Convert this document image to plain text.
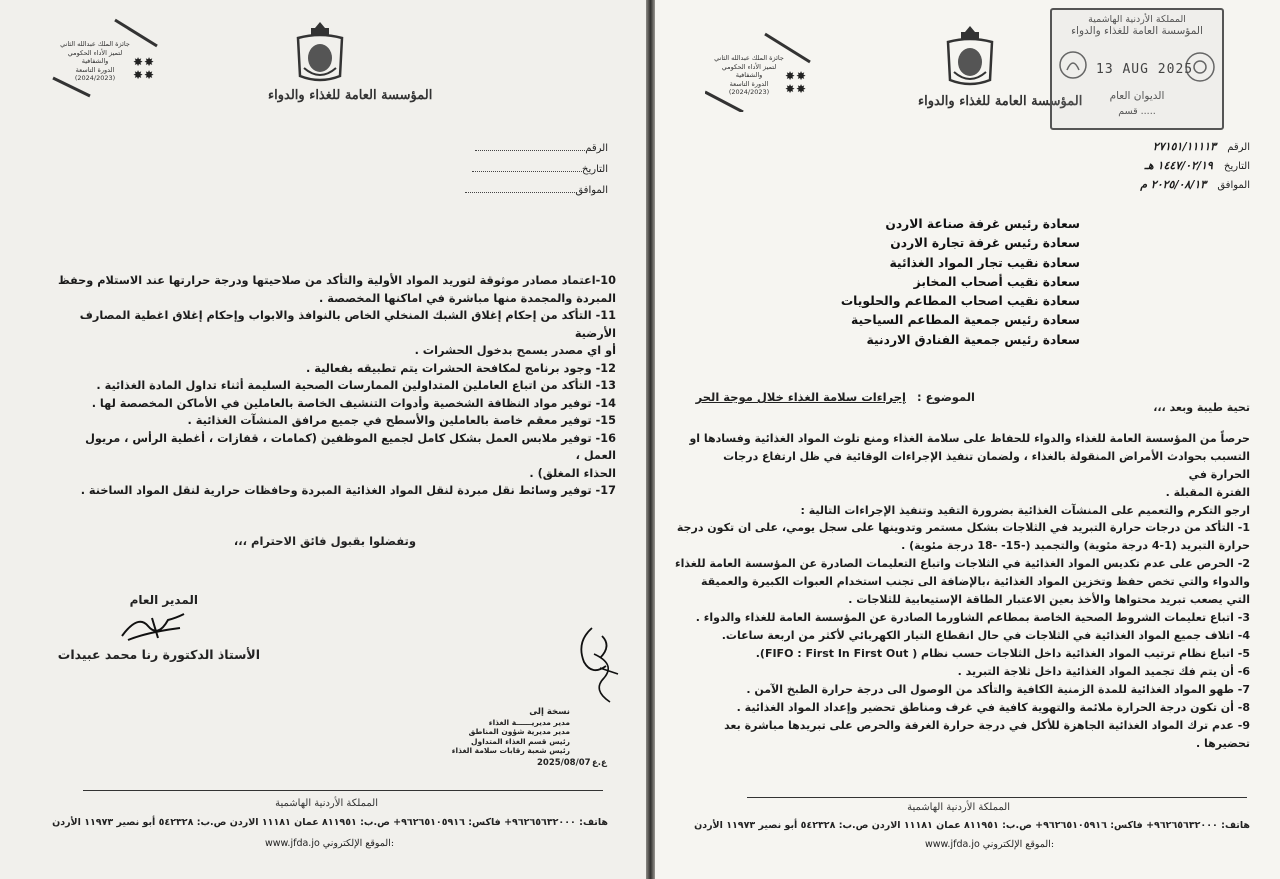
جائزة الملك عبدالله الثاني
لتميز الأداء الحكومي والشفافية
الدورة التاسعة
(2024/2023)
✸✸
✸✸
المؤسسة العامة للغذاء والدواء
الرقم
التاريخ
الموافق
10-اعتماد مصادر موثوقة لتوريد المواد الأولية والتأكد من صلاحيتها ودرجة حرارتها عند الاستلام وحفظ
المبردة والمجمدة منها مباشرة في اماكنها المخصصة .
11- التأكد من إحكام إغلاق الشبك المنخلي الخاص بالنوافذ والابواب وإحكام إغلاق اغطية المصارف الأرضية
أو اي مصدر يسمح بدخول الحشرات .
12- وجود برنامج لمكافحة الحشرات يتم تطبيقه بفعالية .
13- التأكد من اتباع العاملين المتداولين الممارسات الصحية السليمة أثناء تداول المادة الغذائية .
14- توفير مواد النظافة الشخصية وأدوات التنشيف الخاصة بالعاملين في الأماكن المخصصة لها .
15- توفير معقم خاصة بالعاملين والأسطح في جميع مرافق المنشآت الغذائية .
16- توفير ملابس العمل بشكل كامل لجميع الموظفين (كمامات ، قفازات ، أغطية الرأس ، مريول العمل ،
الحذاء المغلق) .
17- توفير وسائط نقل مبردة لنقل المواد الغذائية المبردة وحافظات حرارية لنقل المواد الساخنة .
وتفضلوا بقبول فائق الاحترام ،،،
المدير العام
الأستاذ الدكتورة رنا محمد عبيدات
نسخة إلى
مدير مديريــــــة الغذاء
مدير مديرية شؤون المناطق
رئيس قسم الغذاء المتداول
رئيس شعبة رقابات سلامة الغذاء
2025/08/07 ع.ع
المملكة الأردنية الهاشمية
هاتف: ٩٦٢٦٥٦٣٢٠٠٠+ فاكس: ٩٦٢٦٥١٠٥٩١٦+ ص.ب: ٨١١٩٥١ عمان ١١١٨١ الاردن ص.ب: ٥٤٢٣٢٨ أبو نصير ١١٩٧٣ الأردن
www.jfda.jo الموقع الإلكتروني:
جائزة الملك عبدالله الثاني
لتميز الأداء الحكومي والشفافية
الدورة التاسعة
(2024/2023)
✸✸
✸✸
المؤسسة العامة للغذاء والدواء
المملكة الأردنية الهاشمية
المؤسسة العامة للغذاء والدواء
13 AUG 2025
الديوان العام
قسم .....
الرقم ٢٧١٥١/١١١١٣
التاريخ ١٤٤٧/٠٢/١٩ هـ
الموافق ٢٠٢٥/٠٨/١٣ م
سعادة رئيس غرفة صناعة الاردن
سعادة رئيس غرفة تجارة الاردن
سعادة نقيب تجار المواد الغذائية
سعادة نقيب أصحاب المخابز
سعادة نقيب اصحاب المطاعم والحلويات
سعادة رئيس جمعية المطاعم السياحية
سعادة رئيس جمعية الفنادق الاردنية
الموضوع : إجراءات سلامة الغذاء خلال موجة الحر
تحية طيبة وبعد ،،،
حرصاً من المؤسسة العامة للغذاء والدواء للحفاظ على سلامة الغذاء ومنع تلوث المواد الغذائية وفسادها او
التسبب بحوادث الأمراض المنقولة بالغذاء ، ولضمان تنفيذ الإجراءات الوقائية في ظل ارتفاع درجات الحرارة في
الفترة المقبلة .
ارجو التكرم والتعميم على المنشآت الغذائية بضرورة التقيد وتنفيذ الإجراءات التالية :
1- التأكد من درجات حرارة التبريد في الثلاجات بشكل مستمر وتدوينها على سجل يومي، على ان تكون درجة
حرارة التبريد (1-4 درجة مئوية) والتجميد (-15- -18 درجة مئوية) .
2- الحرص على عدم تكديس المواد الغذائية في الثلاجات واتباع التعليمات الصادرة عن المؤسسة العامة للغذاء
والدواء والتي تخص حفظ وتخزين المواد الغذائية ،بالإضافة الى تجنب استخدام العبوات الكبيرة والعميقة
التي يصعب تبريد محتواها والأخذ بعين الاعتبار الطاقة الإستيعابية للثلاجات .
3- اتباع تعليمات الشروط الصحية الخاصة بمطاعم الشاورما الصادرة عن المؤسسة العامة للغذاء والدواء .
4- اتلاف جميع المواد الغذائية في الثلاجات في حال انقطاع التيار الكهربائي لأكثر من اربعة ساعات.
5- اتباع نظام ترتيب المواد الغذائية داخل الثلاجات حسب نظام ( FIFO : First In First Out).
6- أن يتم فك تجميد المواد الغذائية داخل ثلاجة التبريد .
7- طهو المواد الغذائية للمدة الزمنية الكافية والتأكد من الوصول الى درجة حرارة الطبخ الآمن .
8- أن تكون درجة الحرارة ملائمة والتهوية كافية في غرف ومناطق تحضير وإعداد المواد الغذائية .
9- عدم ترك المواد الغذائية الجاهزة للأكل في درجة حرارة الغرفة والحرص على تبريدها مباشرة بعد
تحضيرها .
المملكة الأردنية الهاشمية
هاتف: ٩٦٢٦٥٦٣٢٠٠٠+ فاكس: ٩٦٢٦٥١٠٥٩١٦+ ص.ب: ٨١١٩٥١ عمان ١١١٨١ الاردن ص.ب: ٥٤٢٣٢٨ أبو نصير ١١٩٧٣ الأردن
www.jfda.jo الموقع الإلكتروني:
